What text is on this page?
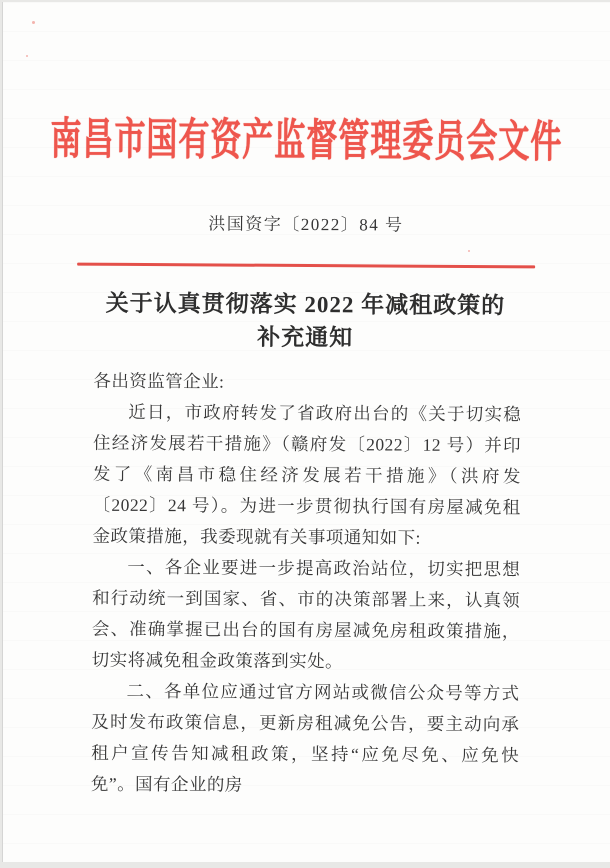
南昌市国有资产监督管理委员会文件
洪国资字〔2022〕84 号
关于认真贯彻落实 2022 年减租政策的
补充通知

各出资监管企业:

近日，市政府转发了省政府出台的《关于切实稳住经济发展若干措施》（赣府发〔2022〕12 号）并印发了《南昌市稳住经济发展若干措施》（洪府发〔2022〕24 号）。为进一步贯彻执行国有房屋减免租金政策措施，我委现就有关事项通知如下:

一、各企业要进一步提高政治站位，切实把思想和行动统一到国家、省、市的决策部署上来，认真领会、准确掌握已出台的国有房屋减免房租政策措施，切实将减免租金政策落到实处。

二、各单位应通过官方网站或微信公众号等方式及时发布政策信息，更新房租减免公告，要主动向承租户宣传告知减租政策，坚持“应免尽免、应免快免”。国有企业的房
